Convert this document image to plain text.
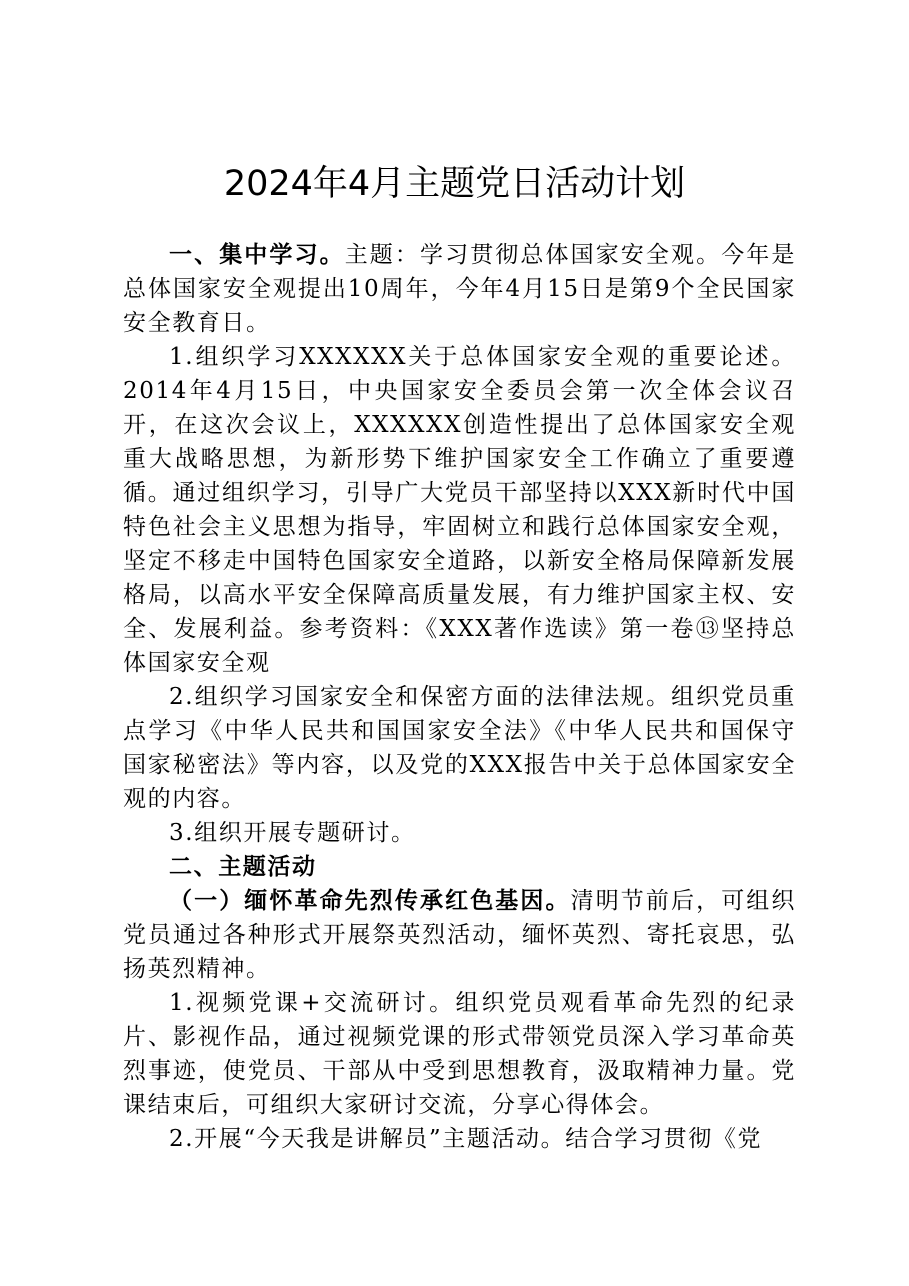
2024年4月主题党日活动计划

一、集中学习。主题：学习贯彻总体国家安全观。今年是总体国家安全观提出10周年，今年4月15日是第9个全民国家安全教育日。

1.组织学习XXXXXX关于总体国家安全观的重要论述。2014年4月15日，中央国家安全委员会第一次全体会议召开，在这次会议上，XXXXXX创造性提出了总体国家安全观重大战略思想，为新形势下维护国家安全工作确立了重要遵循。通过组织学习，引导广大党员干部坚持以XXX新时代中国特色社会主义思想为指导，牢固树立和践行总体国家安全观，坚定不移走中国特色国家安全道路，以新安全格局保障新发展格局，以高水平安全保障高质量发展，有力维护国家主权、安全、发展利益。参考资料：《XXX著作选读》第一卷⑬坚持总体国家安全观

2.组织学习国家安全和保密方面的法律法规。组织党员重点学习《中华人民共和国国家安全法》《中华人民共和国保守国家秘密法》等内容，以及党的XXX报告中关于总体国家安全观的内容。

3.组织开展专题研讨。

二、主题活动

（一）缅怀革命先烈传承红色基因。清明节前后，可组织党员通过各种形式开展祭英烈活动，缅怀英烈、寄托哀思，弘扬英烈精神。

1.视频党课+交流研讨。组织党员观看革命先烈的纪录片、影视作品，通过视频党课的形式带领党员深入学习革命英烈事迹，使党员、干部从中受到思想教育，汲取精神力量。党课结束后，可组织大家研讨交流，分享心得体会。

2.开展“今天我是讲解员”主题活动。结合学习贯彻《党
